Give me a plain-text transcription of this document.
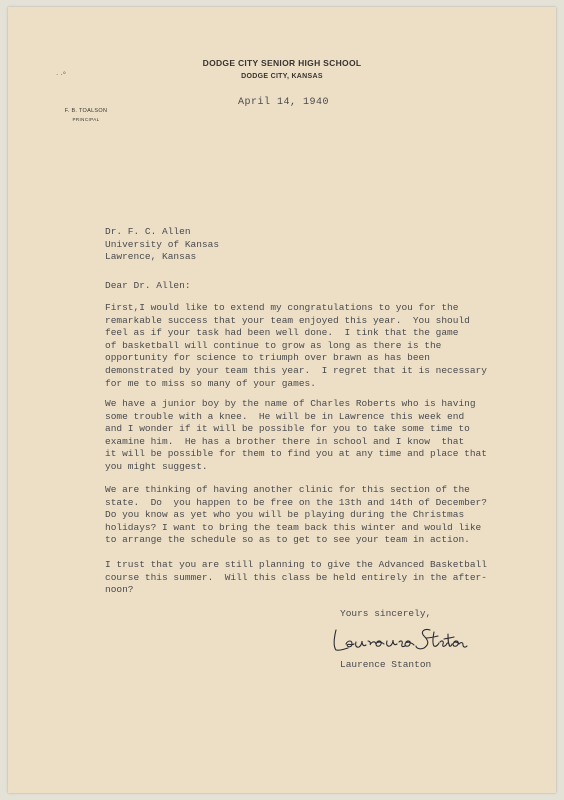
DODGE CITY SENIOR HIGH SCHOOL
DODGE CITY, KANSAS
· ·°
F. B. TOALSON
PRINCIPAL
April 14, 1940
Dr. F. C. Allen
University of Kansas
Lawrence, Kansas
Dear Dr. Allen:
First,I would like to extend my congratulations to you for the
remarkable success that your team enjoyed this year.  You should
feel as if your task had been well done.  I tink that the game
of basketball will continue to grow as long as there is the
opportunity for science to triumph over brawn as has been
demonstrated by your team this year.  I regret that it is necessary
for me to miss so many of your games.
We have a junior boy by the name of Charles Roberts who is having
some trouble with a knee.  He will be in Lawrence this week end
and I wonder if it will be possible for you to take some time to
examine him.  He has a brother there in school and I know  that
it will be possible for them to find you at any time and place that
you might suggest.
We are thinking of having another clinic for this section of the
state.  Do  you happen to be free on the 13th and 14th of December?
Do you know as yet who you will be playing during the Christmas
holidays? I want to bring the team back this winter and would like
to arrange the schedule so as to get to see your team in action.
I trust that you are still planning to give the Advanced Basketball
course this summer.  Will this class be held entirely in the after-
noon?
Yours sincerely,
Laurence Stanton
